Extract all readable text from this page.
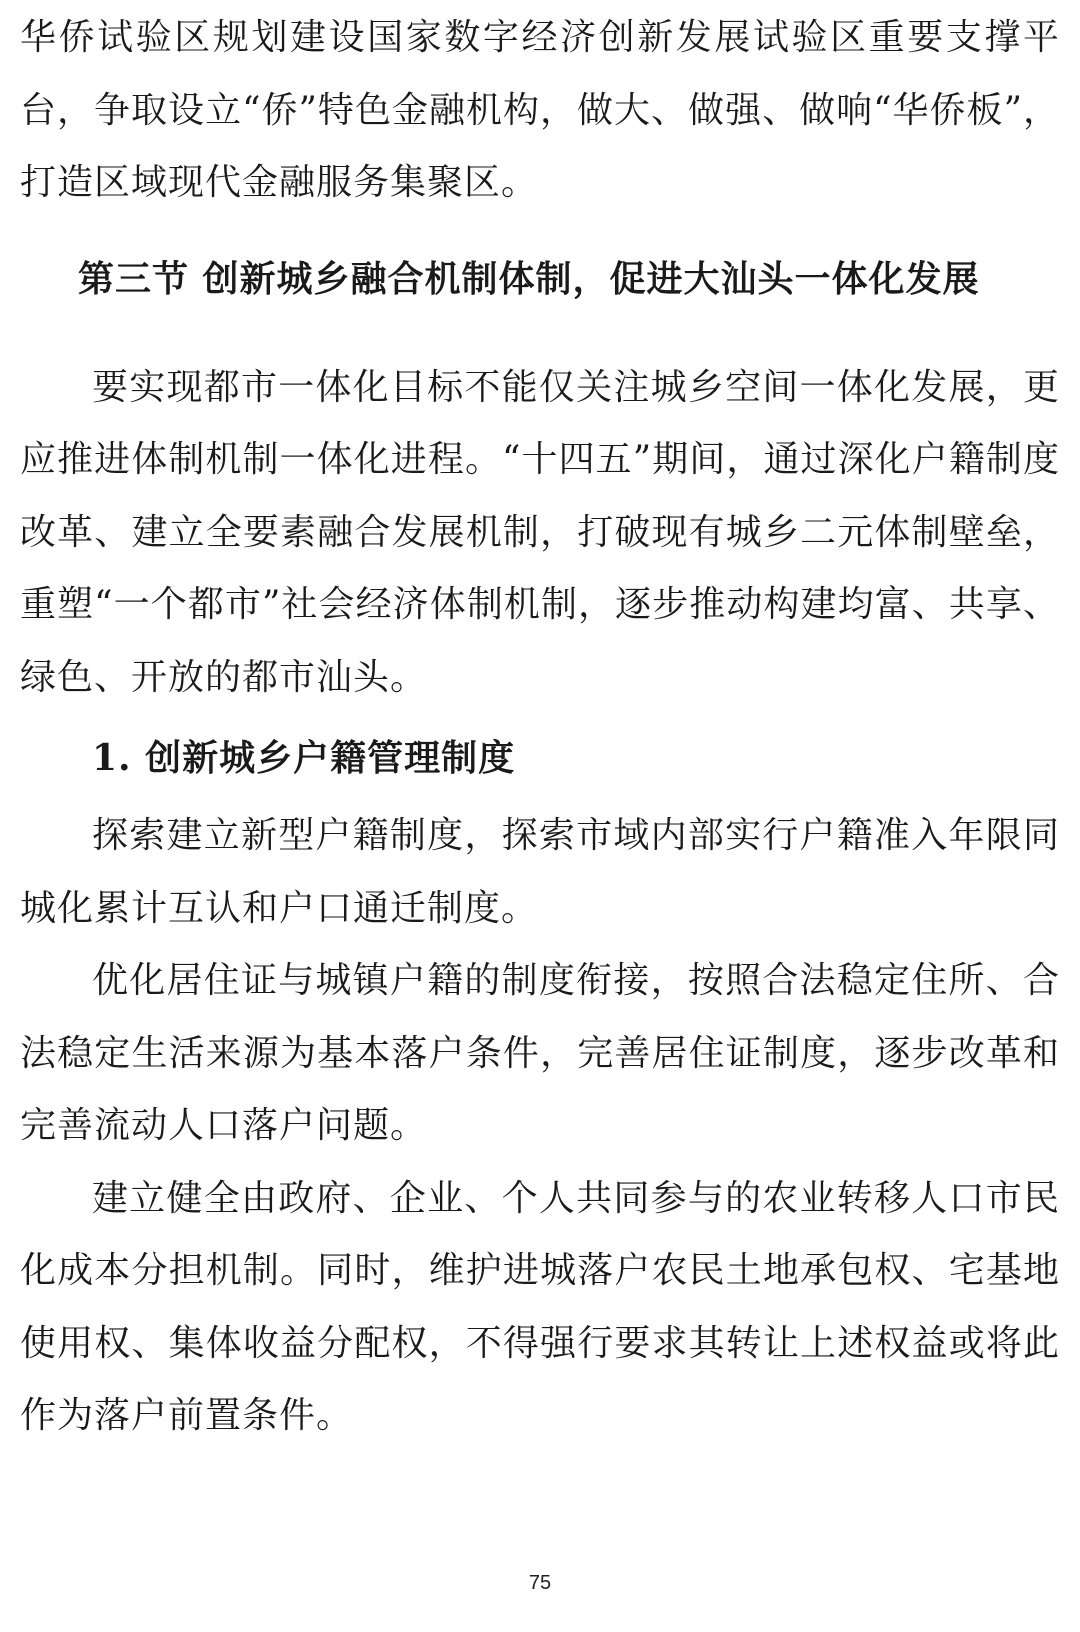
华侨试验区规划建设国家数字经济创新发展试验区重要支撑平台，争取设立“侨”特色金融机构，做大、做强、做响“华侨板”，打造区域现代金融服务集聚区。

第三节 创新城乡融合机制体制，促进大汕头一体化发展

要实现都市一体化目标不能仅关注城乡空间一体化发展，更应推进体制机制一体化进程。“十四五”期间，通过深化户籍制度改革、建立全要素融合发展机制，打破现有城乡二元体制壁垒，重塑“一个都市”社会经济体制机制，逐步推动构建均富、共享、绿色、开放的都市汕头。

1. 创新城乡户籍管理制度

探索建立新型户籍制度，探索市域内部实行户籍准入年限同城化累计互认和户口通迁制度。

优化居住证与城镇户籍的制度衔接，按照合法稳定住所、合法稳定生活来源为基本落户条件，完善居住证制度，逐步改革和完善流动人口落户问题。

建立健全由政府、企业、个人共同参与的农业转移人口市民化成本分担机制。同时，维护进城落户农民土地承包权、宅基地使用权、集体收益分配权，不得强行要求其转让上述权益或将此作为落户前置条件。

75
